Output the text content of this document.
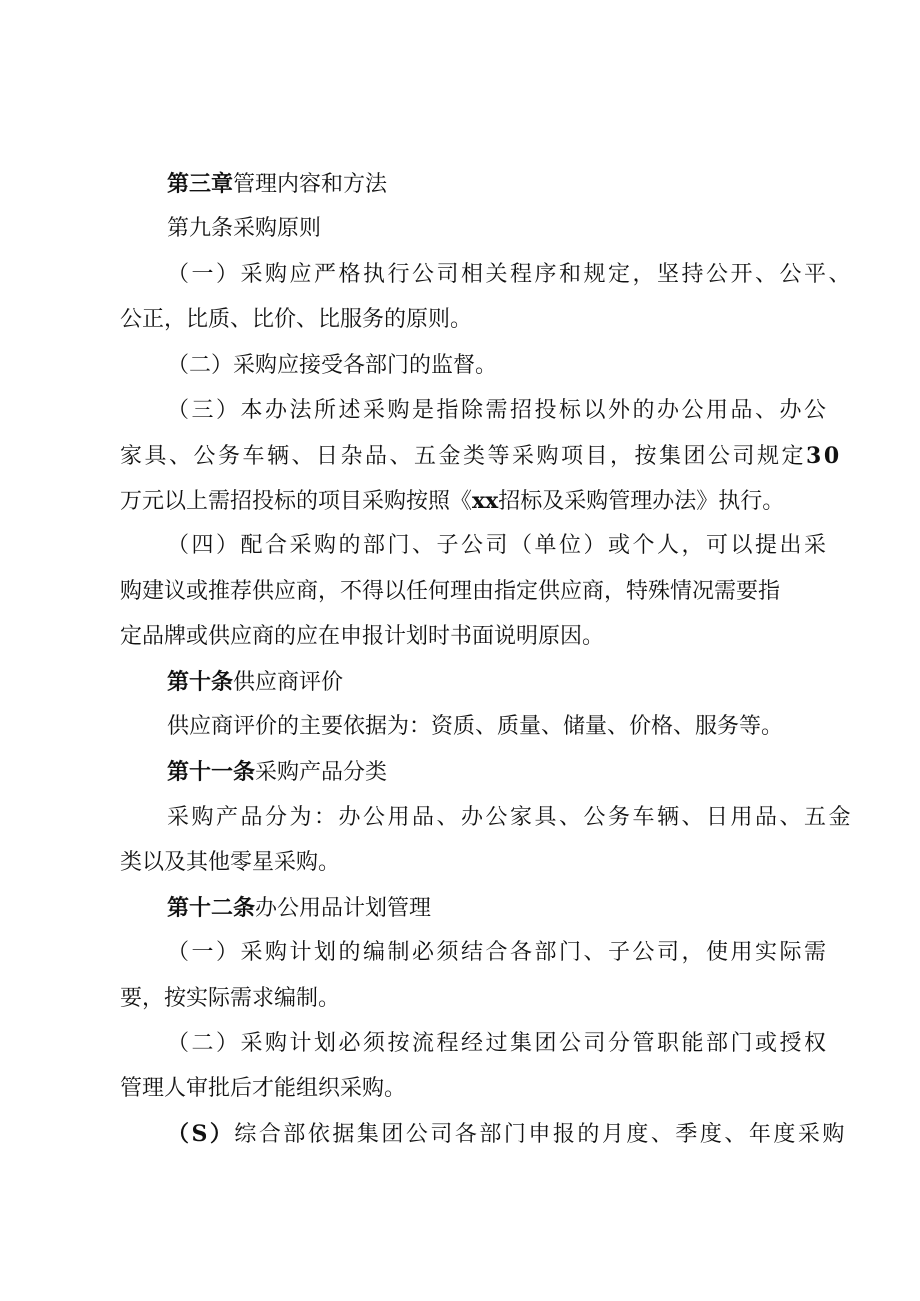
第三章管理内容和方法
第九条采购原则
（一）采购应严格执行公司相关程序和规定，坚持公开、公平、
公正，比质、比价、比服务的原则。
（二）采购应接受各部门的监督。
（三）本办法所述采购是指除需招投标以外的办公用品、办公
家具、公务车辆、日杂品、五金类等采购项目，按集团公司规定30
万元以上需招投标的项目采购按照《xx招标及采购管理办法》执行。
（四）配合采购的部门、子公司（单位）或个人，可以提出采
购建议或推荐供应商，不得以任何理由指定供应商，特殊情况需要指
定品牌或供应商的应在申报计划时书面说明原因。
第十条供应商评价
供应商评价的主要依据为：资质、质量、储量、价格、服务等。
第十一条采购产品分类
采购产品分为：办公用品、办公家具、公务车辆、日用品、五金
类以及其他零星采购。
第十二条办公用品计划管理
（一）采购计划的编制必须结合各部门、子公司，使用实际需
要，按实际需求编制。
（二）采购计划必须按流程经过集团公司分管职能部门或授权
管理人审批后才能组织采购。
（S）综合部依据集团公司各部门申报的月度、季度、年度采购
